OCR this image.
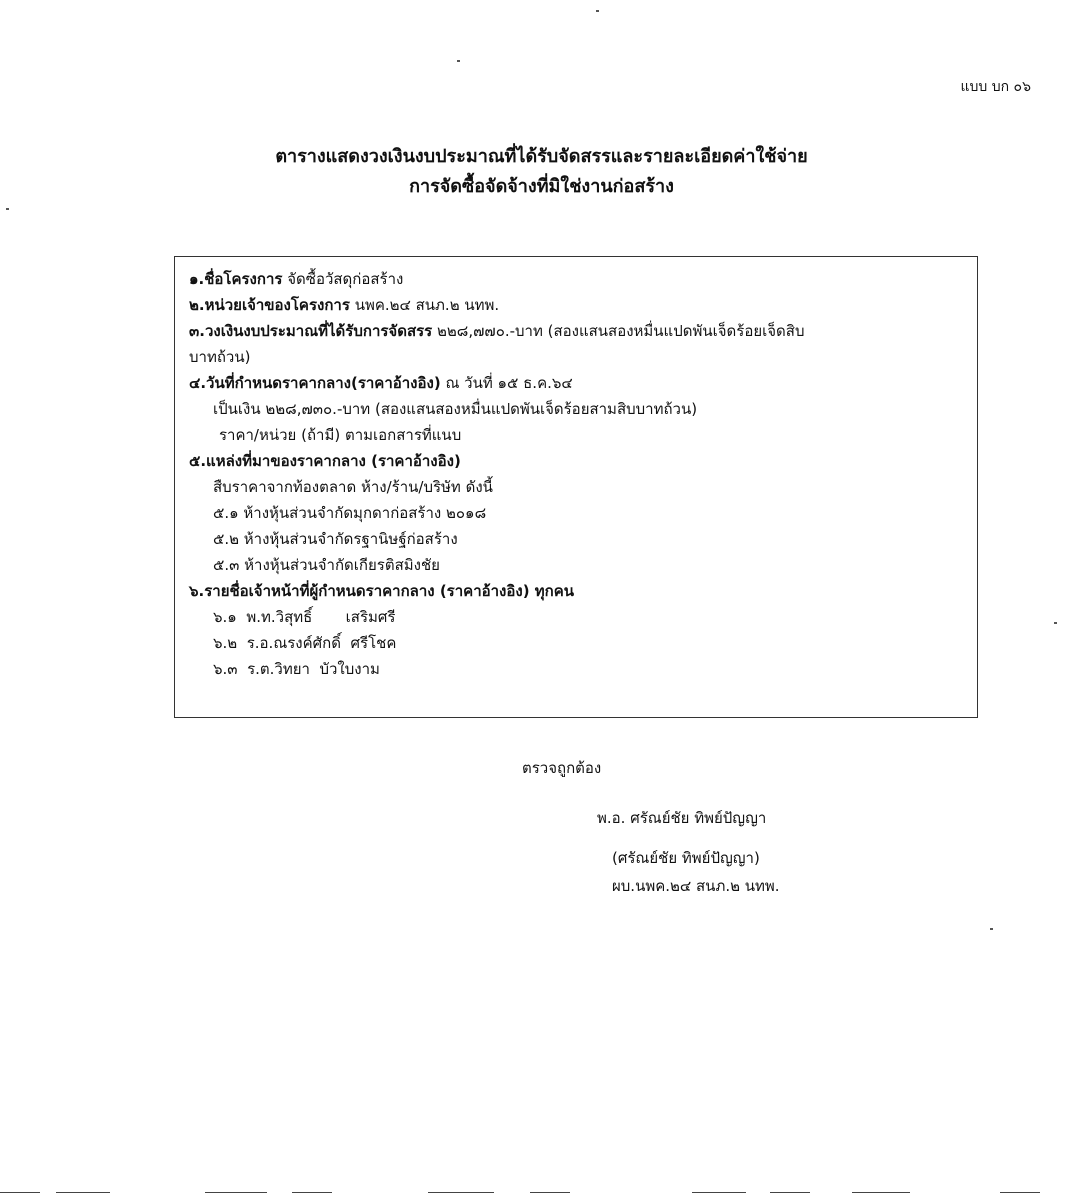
แบบ บก ๐๖
ตารางแสดงวงเงินงบประมาณที่ได้รับจัดสรรและรายละเอียดค่าใช้จ่าย
การจัดซื้อจัดจ้างที่มิใช่งานก่อสร้าง
๑.ชื่อโครงการ จัดซื้อวัสดุก่อสร้าง
๒.หน่วยเจ้าของโครงการ นพค.๒๔ สนภ.๒ นทพ.
๓.วงเงินงบประมาณที่ได้รับการจัดสรร ๒๒๘,๗๗๐.-บาท (สองแสนสองหมื่นแปดพันเจ็ดร้อยเจ็ดสิบ
บาทถ้วน)
๔.วันที่กำหนดราคากลาง(ราคาอ้างอิง) ณ วันที่ ๑๕ ธ.ค.๖๔
เป็นเงิน ๒๒๘,๗๓๐.-บาท (สองแสนสองหมื่นแปดพันเจ็ดร้อยสามสิบบาทถ้วน)
ราคา/หน่วย (ถ้ามี) ตามเอกสารที่แนบ
๕.แหล่งที่มาของราคากลาง (ราคาอ้างอิง)
สืบราคาจากท้องตลาด ห้าง/ร้าน/บริษัท ดังนี้
๕.๑ ห้างหุ้นส่วนจำกัดมุกดาก่อสร้าง ๒๐๑๘
๕.๒ ห้างหุ้นส่วนจำกัดรฐานิษฐ์ก่อสร้าง
๕.๓ ห้างหุ้นส่วนจำกัดเกียรติสมิงชัย
๖.รายชื่อเจ้าหน้าที่ผู้กำหนดราคากลาง (ราคาอ้างอิง) ทุกคน
๖.๑  พ.ท.วิสุทธิ์       เสริมศรี
๖.๒  ร.อ.ณรงค์ศักดิ์  ศรีโชค
๖.๓  ร.ต.วิทยา  บัวใบงาม
ตรวจถูกต้อง
พ.อ. ศรัณย์ชัย ทิพย์ปัญญา
(ศรัณย์ชัย ทิพย์ปัญญา)
ผบ.นพค.๒๔ สนภ.๒ นทพ.
